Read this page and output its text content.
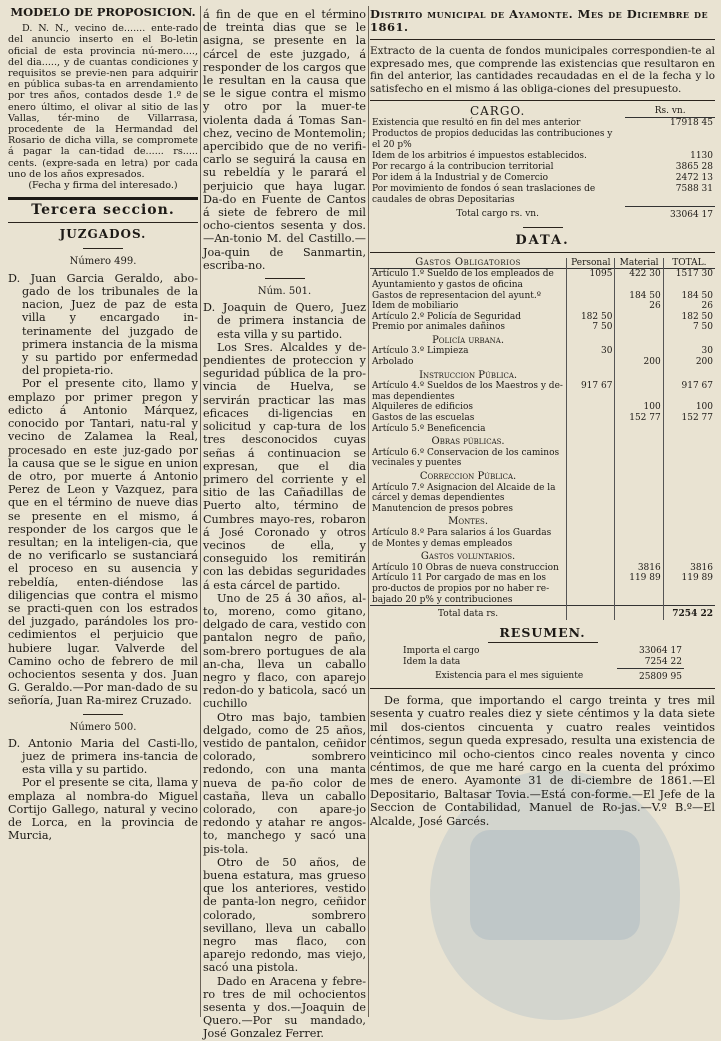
MODELO DE PROPOSICION.

D. N. N., vecino de....... ente-rado del anuncio inserto en el Bo-letin oficial de esta provincia nú-mero...., del dia....., y de cuantas condiciones y requisitos se previe-nen para adquirir en pública subas-ta en arrendamiento por tres años, contados desde 1.º de enero último, el olivar al sitio de las Vallas, tér-mino de Villarrasa, procedente de la Hermandad del Rosario de dicha villa, se compromete á pagar la can-tidad de...... rs..... cents. (expre-sada en letra) por cada uno de los años expresados.

(Fecha y firma del interesado.)

Tercera seccion.
JUZGADOS.
Número 499.

D. Juan Garcia Geraldo, abo-gado de los tribunales de la nacion, Juez de paz de esta villa y encargado in-terinamente del juzgado de primera instancia de la misma y su partido por enfermedad del propieta-rio.

Por el presente cito, llamo y emplazo por primer pregon y edicto á Antonio Márquez, conocido por Tantari, natu-ral y vecino de Zalamea la Real, procesado en este juz-gado por la causa que se le sigue en union de otro, por muerte á Antonio Perez de Leon y Vazquez, para que en el término de nueve dias se presente en el mismo, á responder de los cargos que le resultan; en la inteligen-cia, que de no verificarlo se sustanciará el proceso en su ausencia y rebeldía, enten-diéndose las diligencias que contra el mismo se practi-quen con los estrados del juzgado, parándoles los pro-cedimientos el perjuicio que hubiere lugar. Valverde del Camino ocho de febrero de mil ochocientos sesenta y dos. Juan G. Geraldo.—Por man-dado de su señoría, Juan Ra-mirez Cruzado.

Número 500.

D. Antonio Maria del Casti-llo, juez de primera ins-tancia de esta villa y su partido.

Por el presente se cita, llama y emplaza al nombra-do Miguel Cortijo Gallego, natural y vecino de Lorca, en la provincia de Murcia,

á fin de que en el término de treinta dias que se le asigna, se presente en la cárcel de este juzgado, á responder de los cargos que le resultan en la causa que se le sigue contra el mismo y otro por la muer-te violenta dada á Tomas San-chez, vecino de Montemolin; apercibido que de no verifi-carlo se seguirá la causa en su rebeldía y le parará el perjuicio que haya lugar. Da-do en Fuente de Cantos á siete de febrero de mil ocho-cientos sesenta y dos.—An-tonio M. del Castillo.—Joa-quin de Sanmartin, escriba-no.

Núm. 501.

D. Joaquin de Quero, Juez de primera instancia de esta villa y su partido.

Los Sres. Alcaldes y de-pendientes de proteccion y seguridad pública de la pro-vincia de Huelva, se servirán practicar las mas eficaces di-ligencias en solicitud y cap-tura de los tres desconocidos cuyas señas á continuacion se expresan, que el dia primero del corriente y el sitio de las Cañadillas de Puerto alto, término de Cumbres mayo-res, robaron á José Coronado y otros vecinos de ella, y conseguido los remitirán con las debidas seguridades á esta cárcel de partido.

Uno de 25 á 30 años, al-to, moreno, como gitano, delgado de cara, vestido con pantalon negro de paño, som-brero portugues de ala an-cha, lleva un caballo negro y flaco, con aparejo redon-do y baticola, sacó un cuchillo

Otro mas bajo, tambien delgado, como de 25 años, vestido de pantalon, ceñidor colorado, sombrero redondo, con una manta nueva de pa-ño color de castaña, lleva un caballo colorado, con apare-jo redondo y atahar re angos-to, manchego y sacó una pis-tola.

Otro de 50 años, de buena estatura, mas grueso que los anteriores, vestido de panta-lon negro, ceñidor colorado, sombrero sevillano, lleva un caballo negro mas flaco, con aparejo redondo, mas viejo, sacó una pistola.

Dado en Aracena y febre-ro tres de mil ochocientos sesenta y dos.—Joaquin de Quero.—Por su mandado, José Gonzalez Ferrer.

Distrito municipal de Ayamonte. Mes de Diciembre de 1861.

Extracto de la cuenta de fondos municipales correspondien-te al expresado mes, que comprende las existencias que resultaron en fin del anterior, las cantidades recaudadas en el de la fecha y lo satisfecho en el mismo á las obliga-ciones del presupuesto.

CARGO.	Rs. vn.
Existencia que resultó en fin del mes anterior	17918 45
Productos de propios deducidas las contribuciones y el 20 p%	
Idem de los arbitrios é impuestos establecidos.	1130
Por recargo á la contribucion territorial	3865 28
Por idem á la Industrial y de Comercio	2472 13
Por movimiento de fondos ó sean traslaciones de caudales de obras Depositarias	7588 31
Total cargo rs. vn.	33064 17
DATA.
Gastos Obligatorios	Personal	Material	TOTAL.
Artículo 1.º Sueldo de los empleados de Ayuntamiento y gastos de oficina	1095	422 30	1517 30
Gastos de representacion del ayunt.º		184 50	184 50
Idem de mobiliario		26	26
Artículo 2.º Policía de Seguridad	182 50		182 50
Premio por animales dañinos	7 50		7 50
Policía urbana.			
Artículo 3.º Limpieza	30		30
Arbolado		200	200
Instruccion Pública.			
Artículo 4.º Sueldos de los Maestros y de-mas dependientes	917 67		917 67
Alquileres de edificios		100	100
Gastos de las escuelas		152 77	152 77
Artículo 5.º Beneficencia			
Obras públicas.			
Artículo 6.º Conservacion de los caminos vecinales y puentes			
Correccion Pública.			
Artículo 7.º Asignacion del Alcaide de la cárcel y demas dependientes Manutencion de presos pobres			
Montes.			
Artículo 8.º Para salarios á los Guardas de Montes y demas empleados			
Gastos voluntarios.			
Artículo 10 Obras de nueva construccion		3816	3816
Artículo 11 Por cargado de mas en los pro-ductos de propios por no haber re-bajado 20 p% y contribuciones		119 89	119 89
Total data rs.			7254 22
RESUMEN.
Importa el cargo	33064 17
Idem la data	7254 22
Existencia para el mes siguiente	25809 95

De forma, que importando el cargo treinta y tres mil sesenta y cuatro reales diez y siete céntimos y la data siete mil dos-cientos cincuenta y cuatro reales veintidos céntimos, segun queda expresado, resulta una existencia de veinticinco mil ocho-cientos cinco reales noventa y cinco céntimos, de que me haré cargo en la cuenta del próximo mes de enero. Ayamonte 31 de di-ciembre de 1861.—El Depositario, Baltasar Tovia.—Está con-forme.—El Jefe de la Seccion de Contabilidad, Manuel de Ro-jas.—V.º B.º—El Alcalde, José Garcés.
